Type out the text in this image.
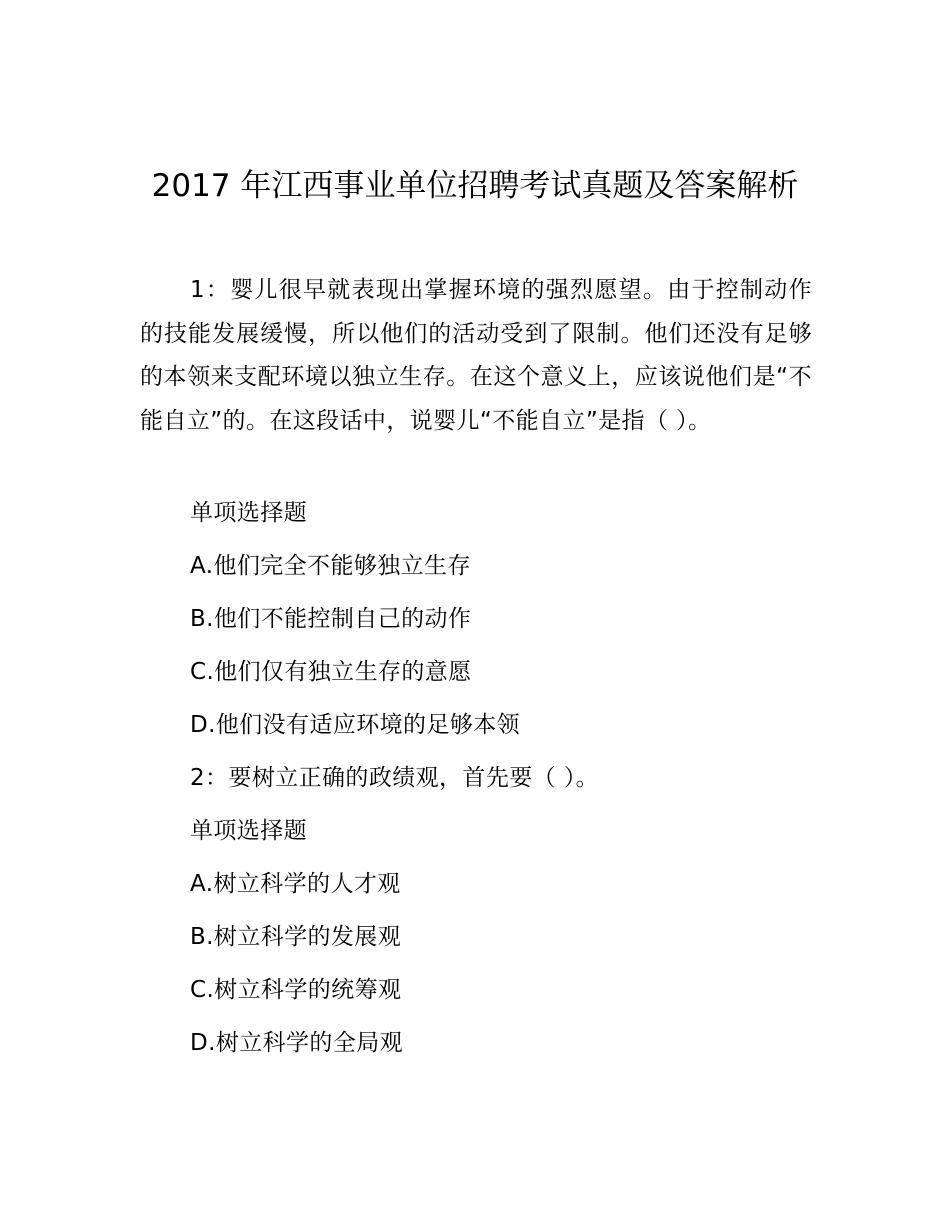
2017 年江西事业单位招聘考试真题及答案解析

1：婴儿很早就表现出掌握环境的强烈愿望。由于控制动作的技能发展缓慢，所以他们的活动受到了限制。他们还没有足够的本领来支配环境以独立生存。在这个意义上，应该说他们是“不能自立”的。在这段话中，说婴儿“不能自立”是指（ ）。

单项选择题
A.他们完全不能够独立生存
B.他们不能控制自己的动作
C.他们仅有独立生存的意愿
D.他们没有适应环境的足够本领
2：要树立正确的政绩观，首先要（ ）。
单项选择题
A.树立科学的人才观
B.树立科学的发展观
C.树立科学的统筹观
D.树立科学的全局观
